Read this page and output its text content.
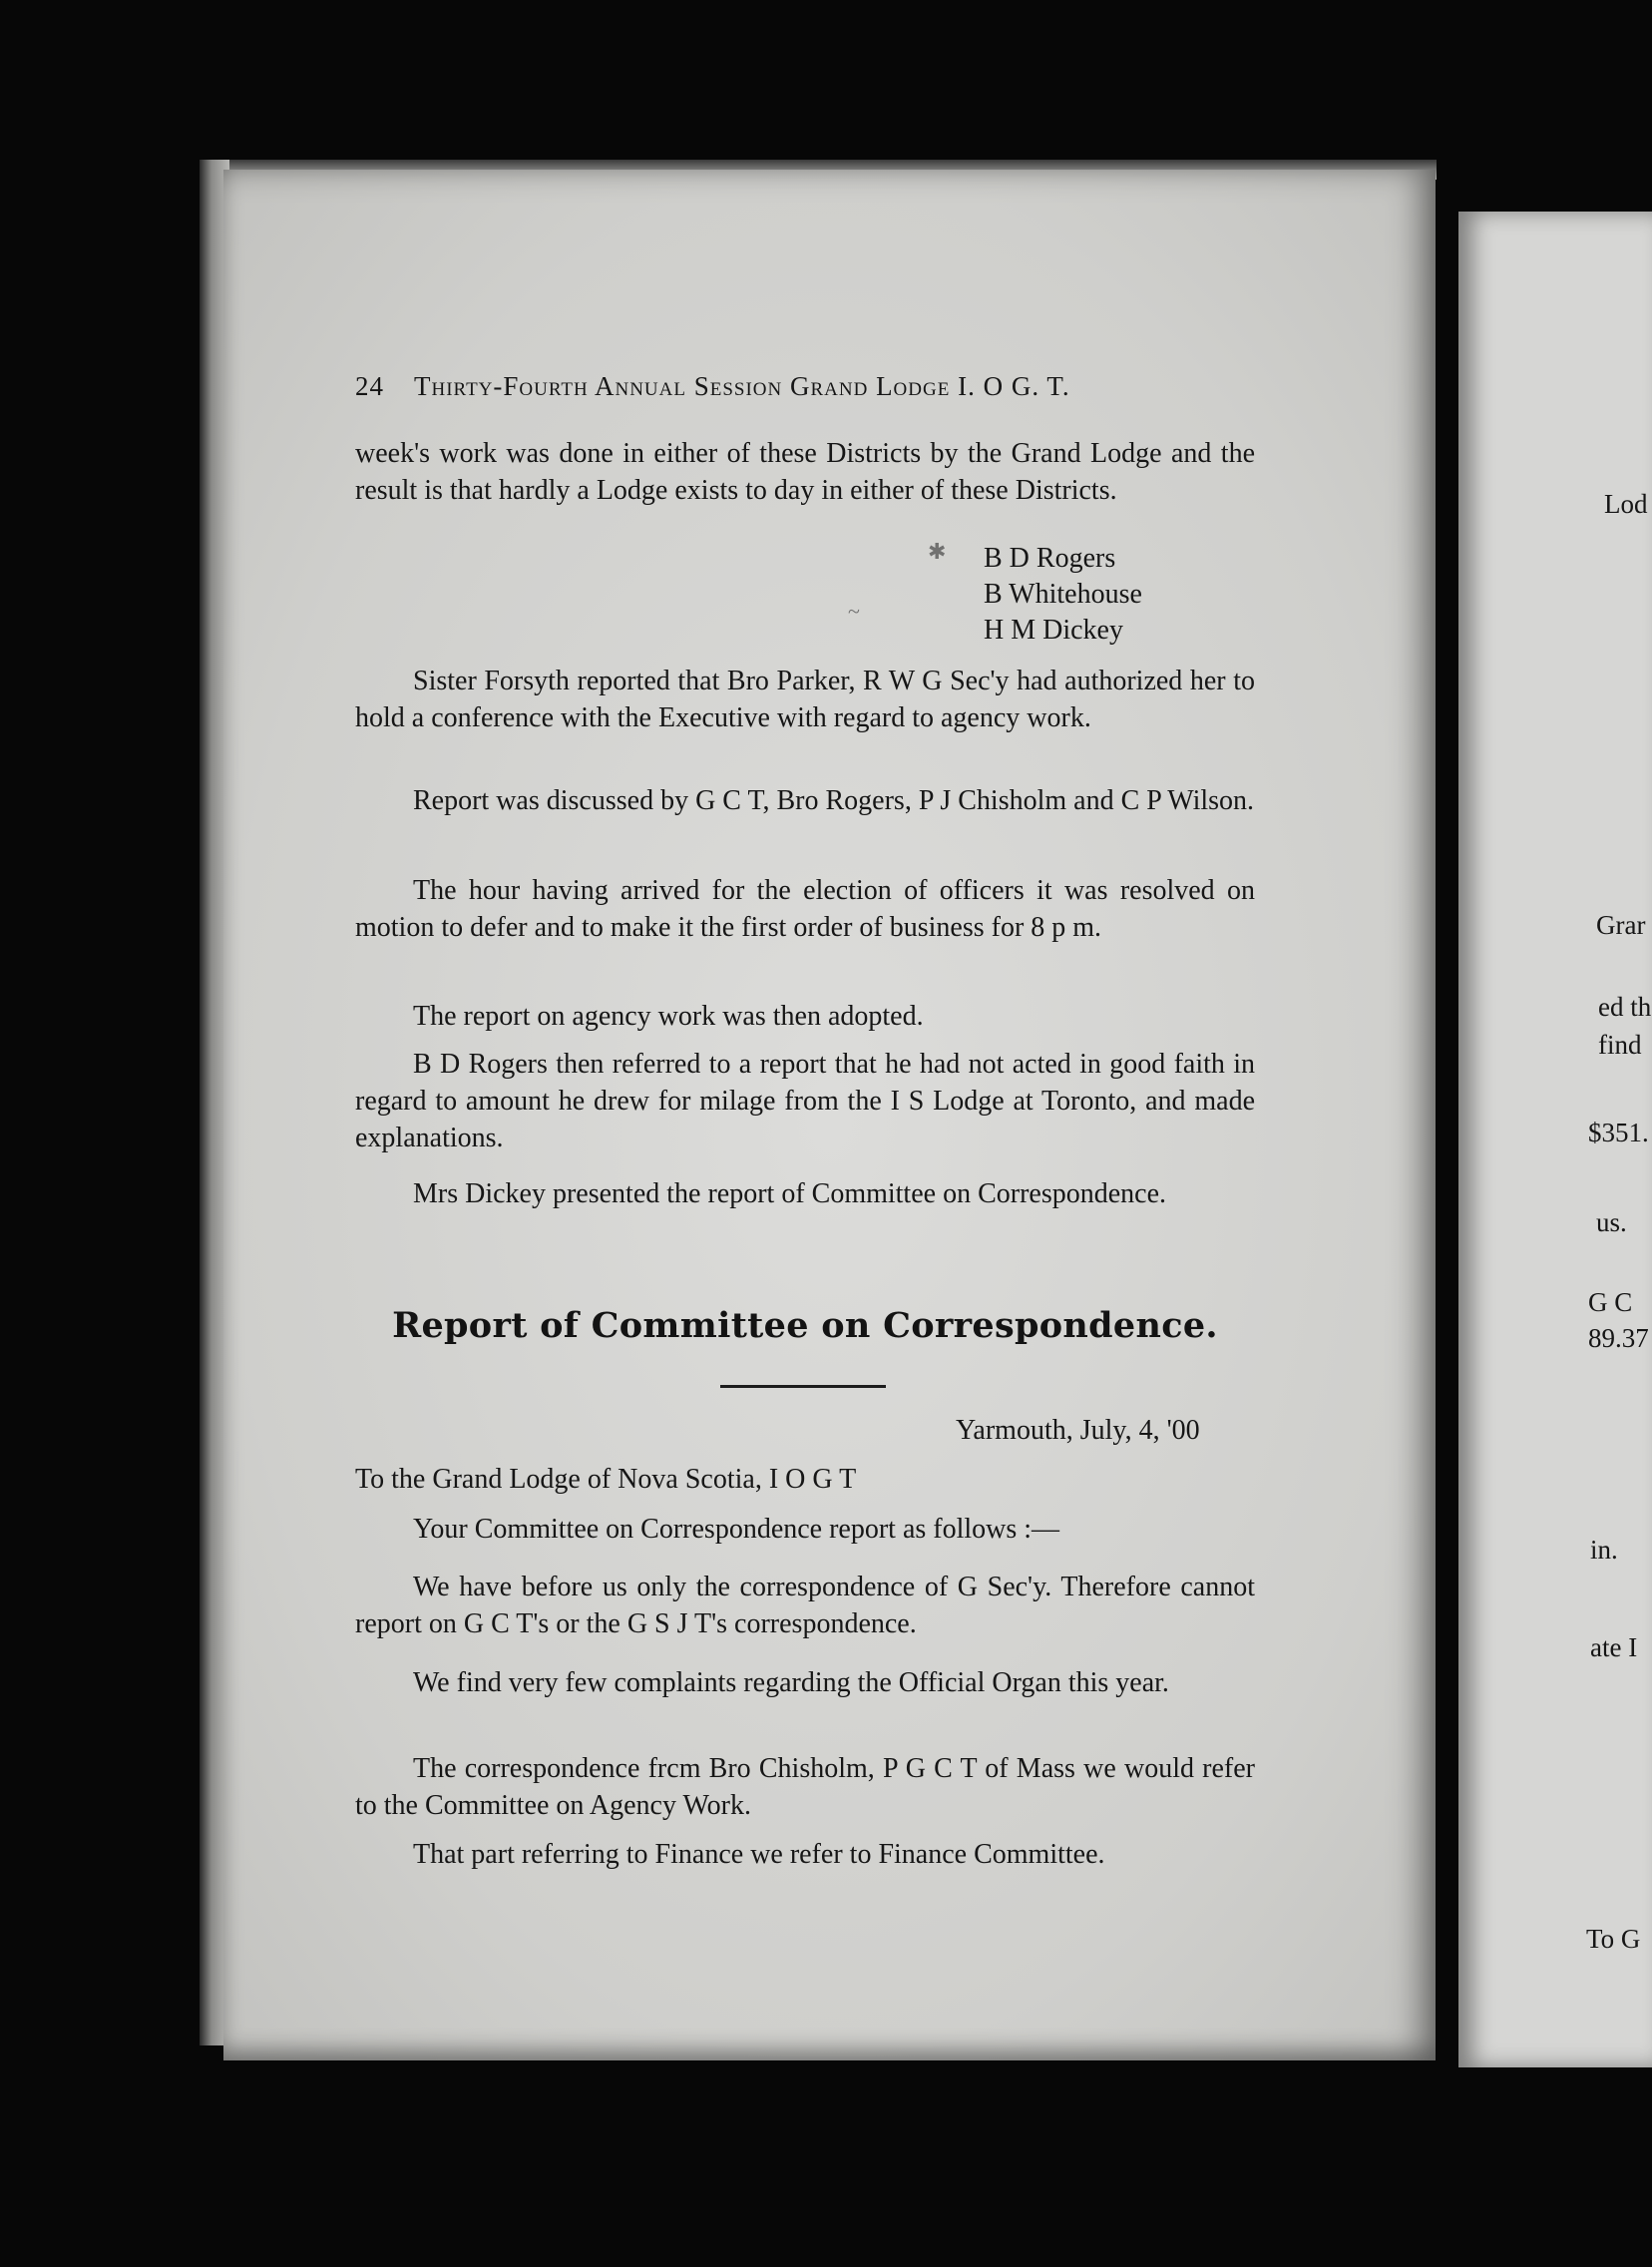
Lod
Grar
ed th
find
$351.
us.
G C
89.37
in.
ate I
To G
24 Thirty-Fourth Annual Session Grand Lodge I. O G. T.
week's work was done in either of these Districts by the Grand Lodge and the result is that hardly a Lodge exists to day in either of these Districts.
B D Rogers
B Whitehouse
H M Dickey
Sister Forsyth reported that Bro Parker, R W G Sec'y had authorized her to hold a conference with the Executive with regard to agency work.
Report was discussed by G C T, Bro Rogers, P J Chisholm and C P Wilson.
The hour having arrived for the election of officers it was resolved on motion to defer and to make it the first order of business for 8 p m.
The report on agency work was then adopted.
B D Rogers then referred to a report that he had not acted in good faith in regard to amount he drew for milage from the I S Lodge at Toronto, and made explanations.
Mrs Dickey presented the report of Committee on Correspondence.
Report of Committee on Correspondence.
Yarmouth, July, 4, '00
To the Grand Lodge of Nova Scotia, I O G T
Your Committee on Correspondence report as follows :—
We have before us only the correspondence of G Sec'y. Therefore cannot report on G C T's or the G S J T's correspondence.
We find very few complaints regarding the Official Organ this year.
The correspondence frcm Bro Chisholm, P G C T of Mass we would refer to the Committee on Agency Work.
That part referring to Finance we refer to Finance Committee.
✱
~
